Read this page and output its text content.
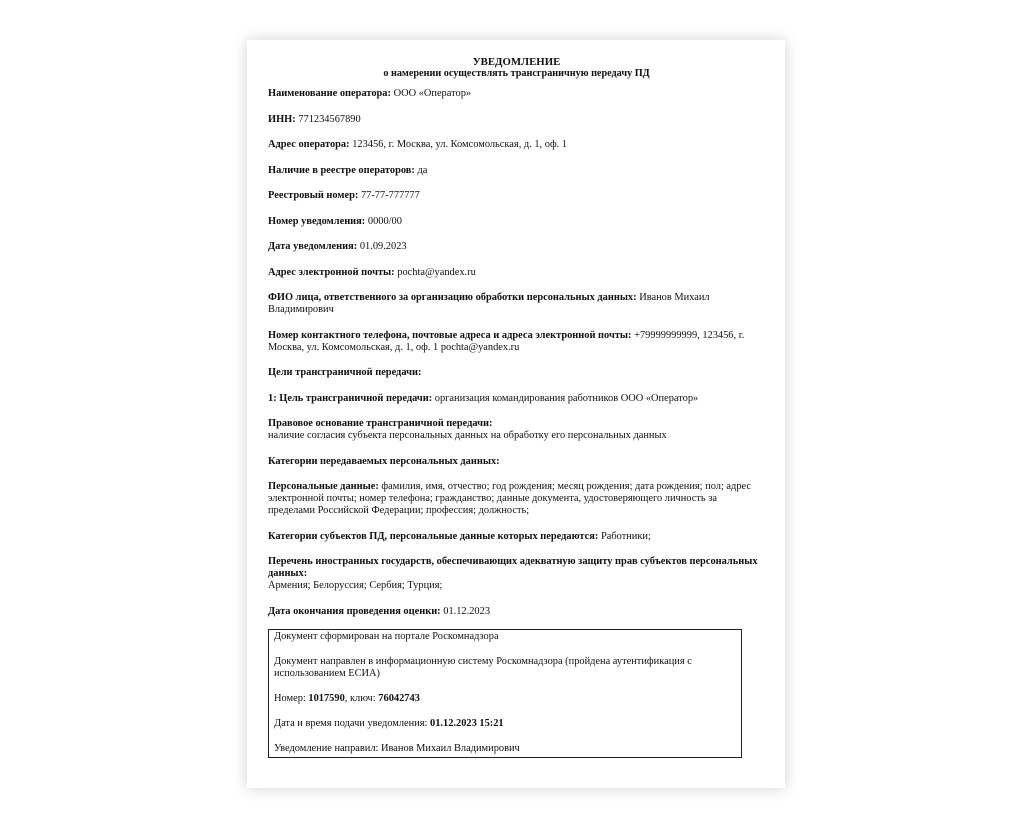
УВЕДОМЛЕНИЕ
о намерении осуществлять трансграничную передачу ПД
Наименование оператора: ООО «Оператор»
ИНН: 771234567890
Адрес оператора: 123456, г. Москва, ул. Комсомольская, д. 1, оф. 1
Наличие в реестре операторов: да
Реестровый номер: 77-77-777777
Номер уведомления: 0000/00
Дата уведомления: 01.09.2023
Адрес электронной почты: pochta@yandex.ru
ФИО лица, ответственного за организацию обработки персональных данных: Иванов Михаил Владимирович
Номер контактного телефона, почтовые адреса и адреса электронной почты: +79999999999, 123456, г. Москва, ул. Комсомольская, д. 1, оф. 1 pochta@yandex.ru
Цели трансграничной передачи:
1: Цель трансграничной передачи: организация командирования работников ООО «Оператор»
Правовое основание трансграничной передачи:
наличие согласия субъекта персональных данных на обработку его персональных данных
Категории передаваемых персональных данных:
Персональные данные: фамилия, имя, отчество; год рождения; месяц рождения; дата рождения; пол; адрес электронной почты; номер телефона; гражданство; данные документа, удостоверяющего личность за пределами Российской Федерации; профессия; должность;
Категории субъектов ПД, персональные данные которых передаются: Работники;
Перечень иностранных государств, обеспечивающих адекватную защиту прав субъектов персональных данных:
Армения; Белоруссия; Сербия; Турция;
Дата окончания проведения оценки: 01.12.2023

Документ сформирован на портале Роскомнадзора

Документ направлен в информационную систему Роскомнадзора (пройдена аутентификация с использованием ЕСИА)

Номер: 1017590, ключ: 76042743

Дата и время подачи уведомления: 01.12.2023 15:21

Уведомление направил: Иванов Михаил Владимирович
